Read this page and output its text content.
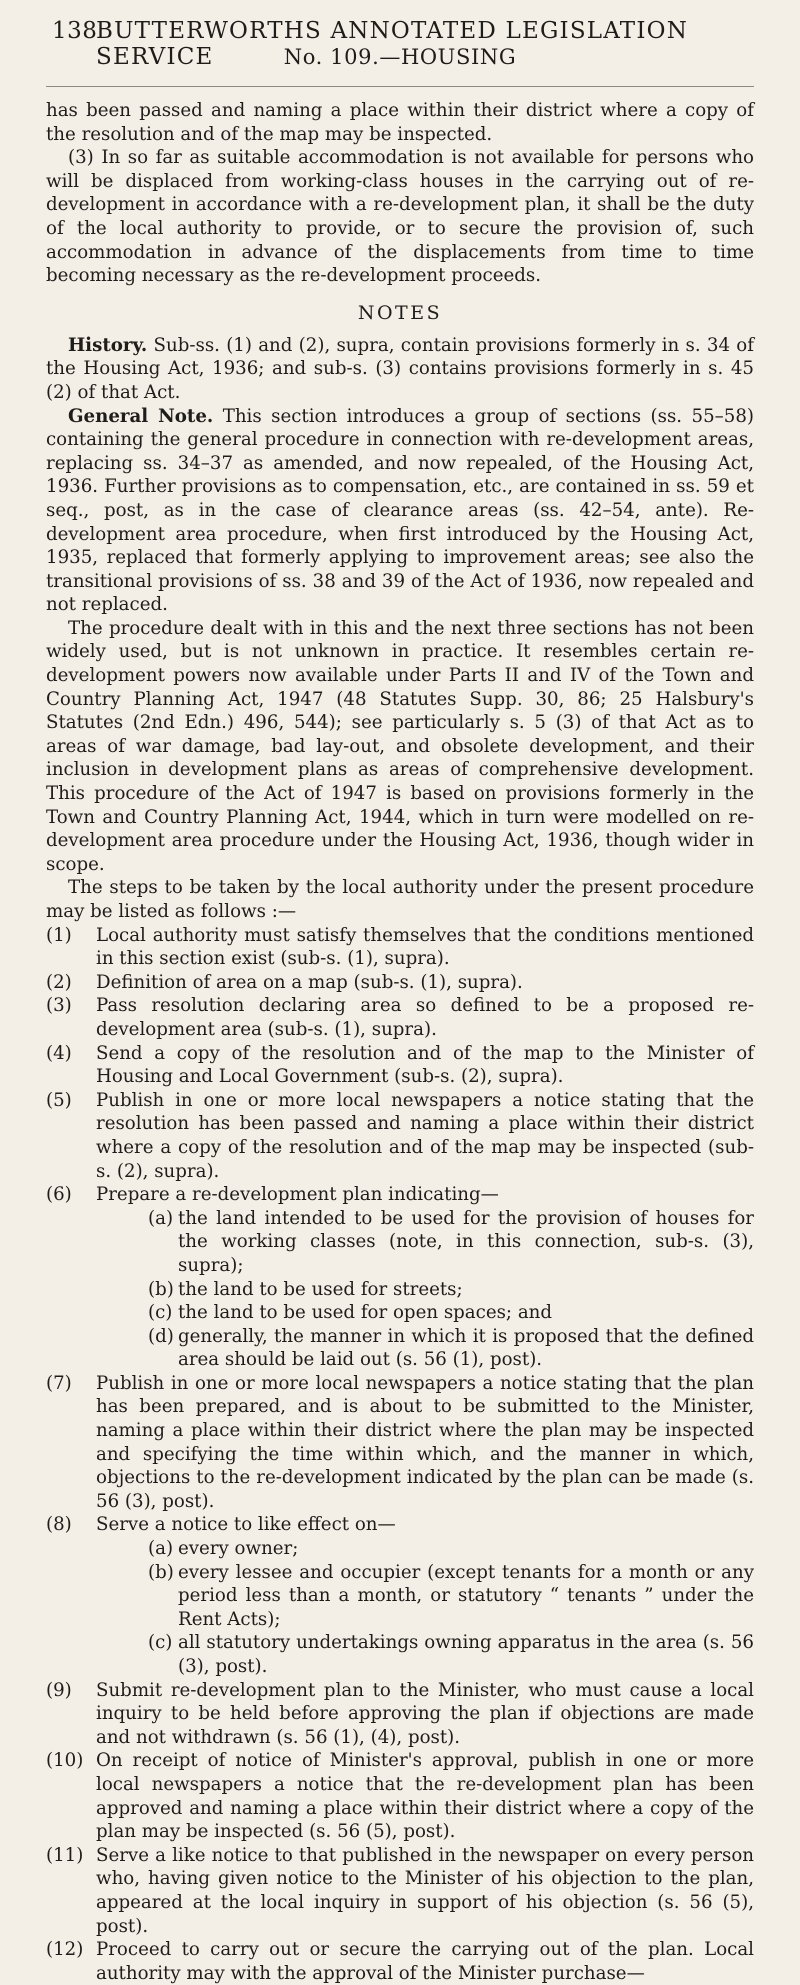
138
BUTTERWORTHS ANNOTATED LEGISLATION SERVICE	No. 109.—HOUSING

has been passed and naming a place within their district where a copy of the resolution and of the map may be inspected.

(3) In so far as suitable accommodation is not available for persons who will be displaced from working-class houses in the carrying out of re-development in accordance with a re-development plan, it shall be the duty of the local authority to provide, or to secure the provision of, such accommodation in advance of the displacements from time to time becoming necessary as the re-development proceeds.

NOTES

History. Sub-ss. (1) and (2), supra, contain provisions formerly in s. 34 of the Housing Act, 1936; and sub-s. (3) contains provisions formerly in s. 45 (2) of that Act.

General Note. This section introduces a group of sections (ss. 55–58) containing the general procedure in connection with re-development areas, replacing ss. 34–37 as amended, and now repealed, of the Housing Act, 1936. Further provisions as to compensation, etc., are contained in ss. 59 et seq., post, as in the case of clearance areas (ss. 42–54, ante). Re-development area procedure, when first introduced by the Housing Act, 1935, replaced that formerly applying to improvement areas; see also the transitional provisions of ss. 38 and 39 of the Act of 1936, now repealed and not replaced.

The procedure dealt with in this and the next three sections has not been widely used, but is not unknown in practice. It resembles certain re-development powers now available under Parts II and IV of the Town and Country Planning Act, 1947 (48 Statutes Supp. 30, 86; 25 Halsbury's Statutes (2nd Edn.) 496, 544); see particularly s. 5 (3) of that Act as to areas of war damage, bad lay-out, and obsolete development, and their inclusion in development plans as areas of comprehensive development. This procedure of the Act of 1947 is based on provisions formerly in the Town and Country Planning Act, 1944, which in turn were modelled on re-development area procedure under the Housing Act, 1936, though wider in scope.

The steps to be taken by the local authority under the present procedure may be listed as follows :—

(1) Local authority must satisfy themselves that the conditions mentioned in this section exist (sub-s. (1), supra).

(2) Definition of area on a map (sub-s. (1), supra).

(3) Pass resolution declaring area so defined to be a proposed re-development area (sub-s. (1), supra).

(4) Send a copy of the resolution and of the map to the Minister of Housing and Local Government (sub-s. (2), supra).

(5) Publish in one or more local newspapers a notice stating that the resolution has been passed and naming a place within their district where a copy of the resolution and of the map may be inspected (sub-s. (2), supra).

(6) Prepare a re-development plan indicating—

(a) the land intended to be used for the provision of houses for the working classes (note, in this connection, sub-s. (3), supra);

(b) the land to be used for streets;

(c) the land to be used for open spaces; and

(d) generally, the manner in which it is proposed that the defined area should be laid out (s. 56 (1), post).

(7) Publish in one or more local newspapers a notice stating that the plan has been prepared, and is about to be submitted to the Minister, naming a place within their district where the plan may be inspected and specifying the time within which, and the manner in which, objections to the re-development indicated by the plan can be made (s. 56 (3), post).

(8) Serve a notice to like effect on—

(a) every owner;

(b) every lessee and occupier (except tenants for a month or any period less than a month, or statutory “ tenants ” under the Rent Acts);

(c) all statutory undertakings owning apparatus in the area (s. 56 (3), post).

(9) Submit re-development plan to the Minister, who must cause a local inquiry to be held before approving the plan if objections are made and not withdrawn (s. 56 (1), (4), post).

(10) On receipt of notice of Minister's approval, publish in one or more local newspapers a notice that the re-development plan has been approved and naming a place within their district where a copy of the plan may be inspected (s. 56 (5), post).

(11) Serve a like notice to that published in the newspaper on every person who, having given notice to the Minister of his objection to the plan, appeared at the local inquiry in support of his objection (s. 56 (5), post).

(12) Proceed to carry out or secure the carrying out of the plan. Local authority may with the approval of the Minister purchase—
